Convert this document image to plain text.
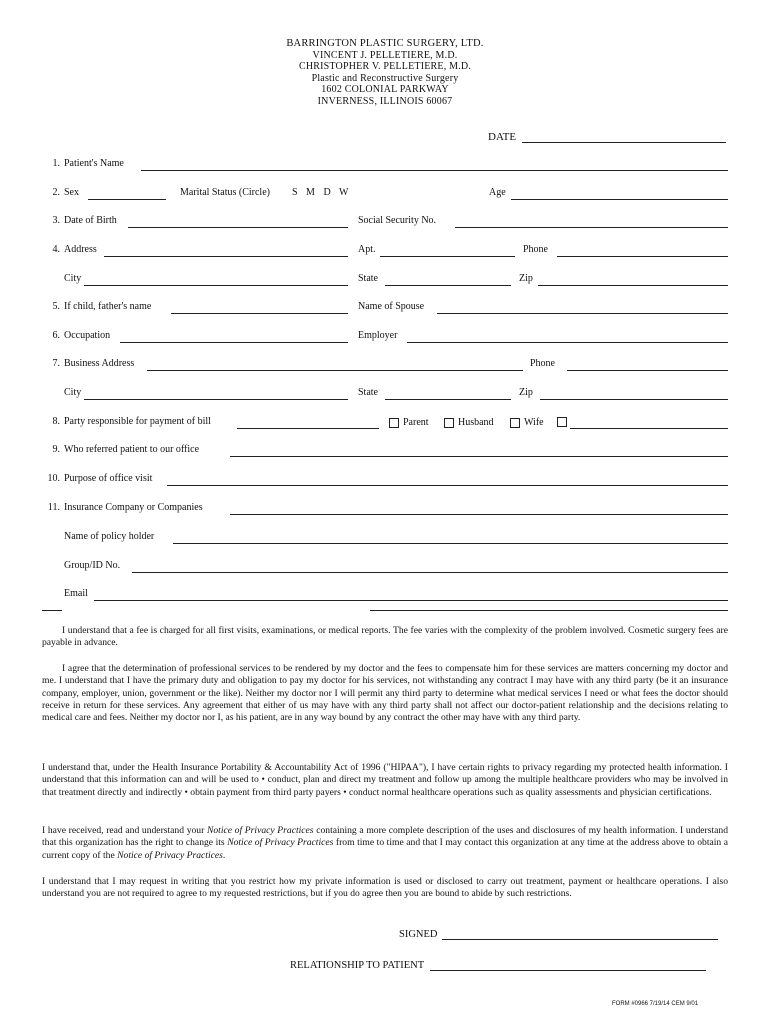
BARRINGTON PLASTIC SURGERY, LTD.
VINCENT J. PELLETIERE, M.D.
CHRISTOPHER V. PELLETIERE, M.D.
Plastic and Reconstructive Surgery
1602 COLONIAL PARKWAY
INVERNESS, ILLINOIS 60067
DATE
1. Patient's Name
2. Sex	Marital Status (Circle) S M D W	Age
3. Date of Birth	Social Security No.
4. Address	Apt.	Phone
City	State	Zip
5. If child, father's name	Name of Spouse
6. Occupation	Employer
7. Business Address	Phone
City	State	Zip
8. Party responsible for payment of bill	Parent	Husband	Wife
9. Who referred patient to our office
10. Purpose of office visit
11. Insurance Company or Companies
Name of policy holder
Group/ID No.
Email
I understand that a fee is charged for all first visits, examinations, or medical reports. The fee varies with the complexity of the problem involved. Cosmetic surgery fees are payable in advance.
I agree that the determination of professional services to be rendered by my doctor and the fees to compensate him for these services are matters concerning my doctor and me. I understand that I have the primary duty and obligation to pay my doctor for his services, not withstanding any contract I may have with any third party (be it an insurance company, employer, union, government or the like). Neither my doctor nor I will permit any third party to determine what medical services I need or what fees the doctor should receive in return for these services. Any agreement that either of us may have with any third party shall not affect our doctor-patient relationship and the decisions relating to medical care and fees. Neither my doctor nor I, as his patient, are in any way bound by any contract the other may have with any third party.
I understand that, under the Health Insurance Portability & Accountability Act of 1996 ("HIPAA"), I have certain rights to privacy regarding my protected health information. I understand that this information can and will be used to • conduct, plan and direct my treatment and follow up among the multiple healthcare providers who may be involved in that treatment directly and indirectly • obtain payment from third party payers • conduct normal healthcare operations such as quality assessments and physician certifications.
I have received, read and understand your Notice of Privacy Practices containing a more complete description of the uses and disclosures of my health information. I understand that this organization has the right to change its Notice of Privacy Practices from time to time and that I may contact this organization at any time at the address above to obtain a current copy of the Notice of Privacy Practices.
I understand that I may request in writing that you restrict how my private information is used or disclosed to carry out treatment, payment or healthcare operations. I also understand you are not required to agree to my requested restrictions, but if you do agree then you are bound to abide by such restrictions.
SIGNED
RELATIONSHIP TO PATIENT
FORM #0966 7/19/14 CEM 9/01
